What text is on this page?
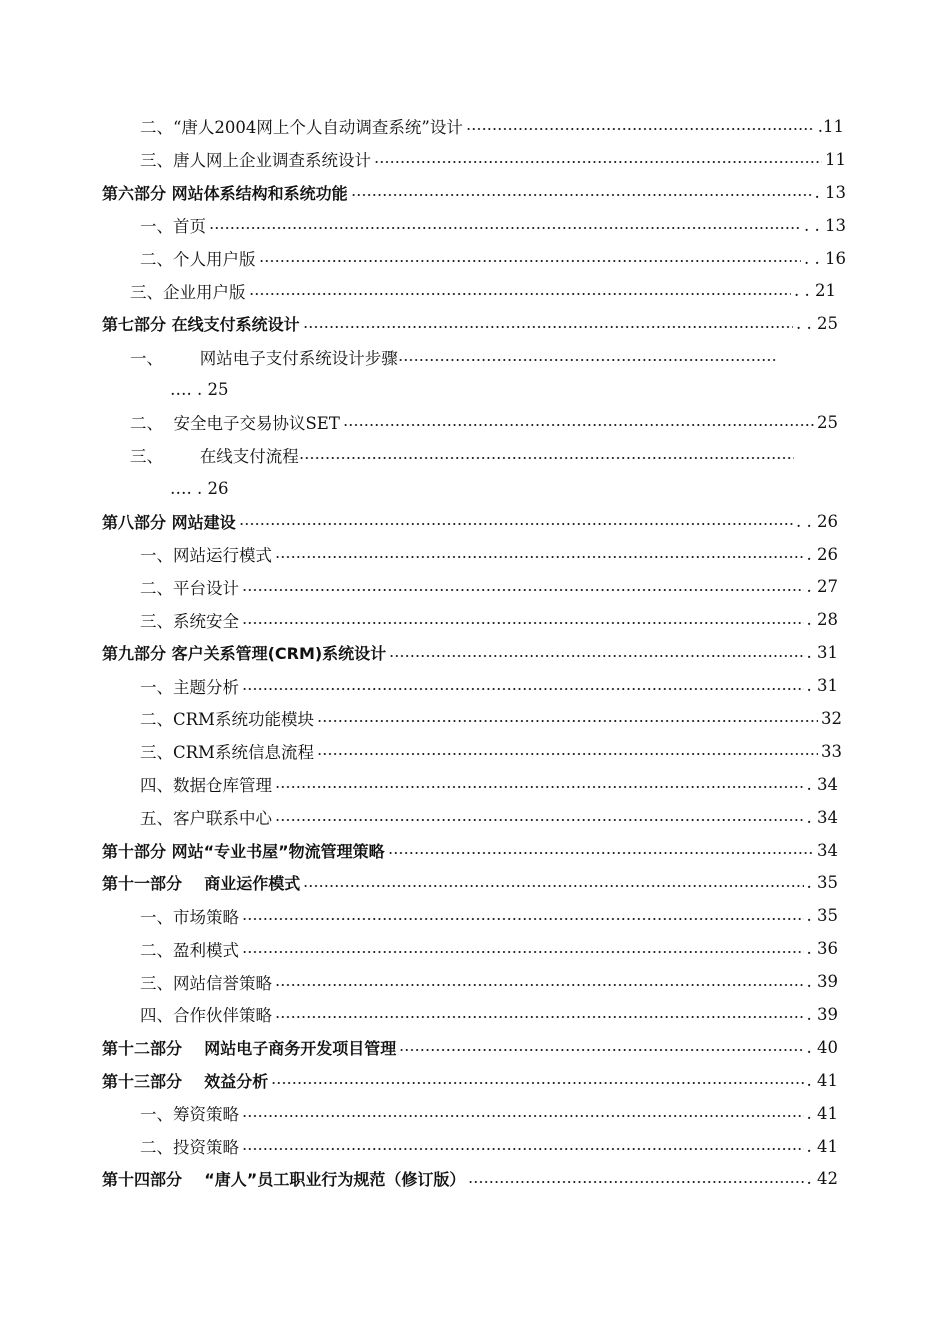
二、“唐人2004网上个人自动调查系统”设计	.11
三、唐人网上企业调查系统设计	11
第六部分 网站体系结构和系统功能	. 13
一、首页	. . 13
二、个人用户版	. . 16
三、企业用户版	. . 21
第七部分 在线支付系统设计	. . 25
一、       网站电子支付系统设计步骤
…. . 25
二、  安全电子交易协议SET	25
三、       在线支付流程
…. . 26
第八部分 网站建设	. . 26
一、网站运行模式	. 26
二、平台设计	. 27
三、系统安全	. 28
第九部分 客户关系管理(CRM)系统设计	. 31
一、主题分析	. 31
二、CRM系统功能模块	32
三、CRM系统信息流程	33
四、数据仓库管理	. 34
五、客户联系中心	. 34
第十部分 网站“专业书屋”物流管理策略	34
第十一部分    商业运作模式	. 35
一、市场策略	. 35
二、盈利模式	. 36
三、网站信誉策略	. 39
四、合作伙伴策略	. 39
第十二部分    网站电子商务开发项目管理	. 40
第十三部分    效益分析	. 41
一、筹资策略	. 41
二、投资策略	. 41
第十四部分    “唐人”员工职业行为规范（修订版）	. 42
